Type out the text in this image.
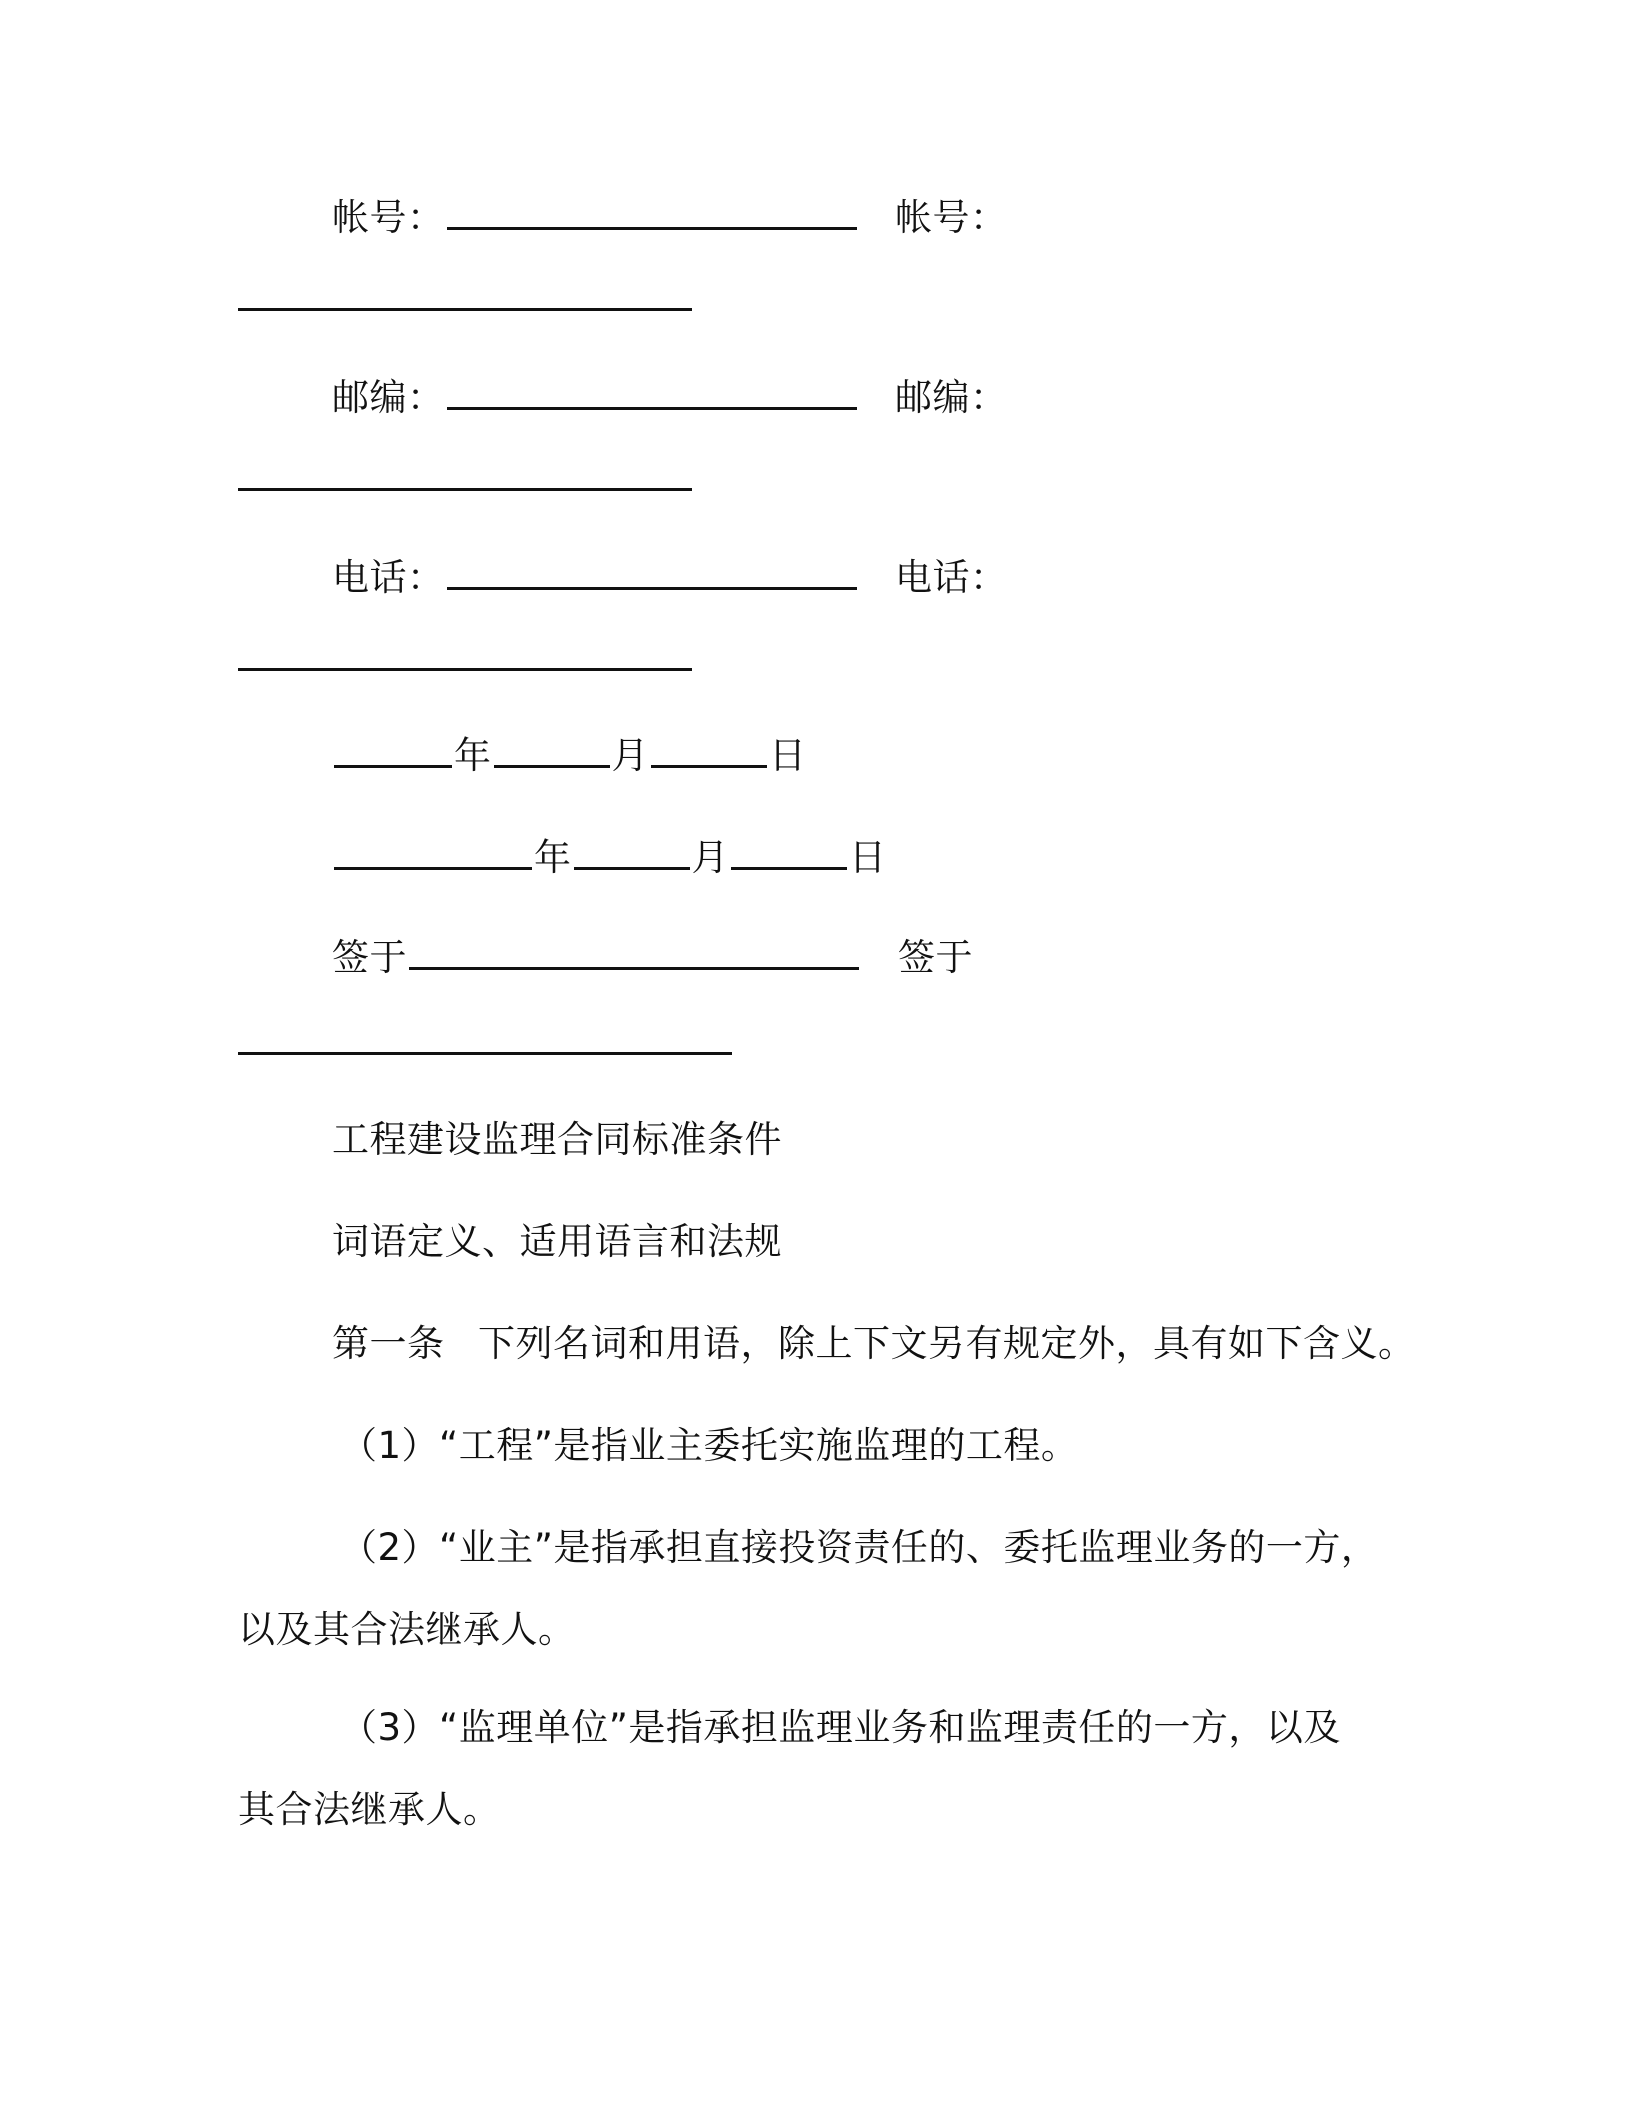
帐号：	帐号：
邮编：	邮编：
电话：	电话：
年	月	日
年	月	日
签于	签于
工程建设监理合同标准条件
词语定义、适用语言和法规
第一条 下列名词和用语，除上下文另有规定外，具有如下含义。
（1）“工程”是指业主委托实施监理的工程。
（2）“业主”是指承担直接投资责任的、委托监理业务的一方，
以及其合法继承人。
（3）“监理单位”是指承担监理业务和监理责任的一方，以及
其合法继承人。
